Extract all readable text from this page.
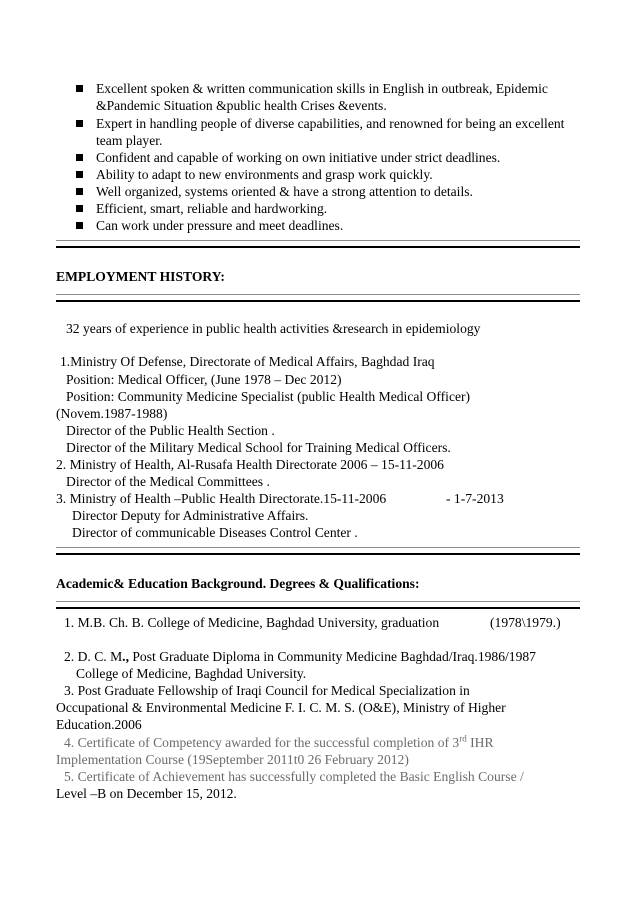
Excellent spoken & written communication skills in English in outbreak, Epidemic &Pandemic Situation &public health Crises &events.
Expert in handling people of diverse capabilities, and renowned for being an excellent team player.
Confident and capable of working on own initiative under strict deadlines.
Ability to adapt to new environments and grasp work quickly.
Well organized, systems oriented & have a strong attention to details.
Efficient, smart, reliable and hardworking.
Can work under pressure and meet deadlines.
EMPLOYMENT HISTORY:
32 years of experience in public health activities &research in epidemiology
1.Ministry Of Defense, Directorate of Medical Affairs, Baghdad Iraq
Position: Medical Officer, (June 1978 – Dec 2012)
Position: Community Medicine Specialist (public Health Medical Officer)
(Novem.1987-1988)
Director of the Public Health Section .
Director of the Military Medical School for Training Medical Officers.
2. Ministry of Health, Al-Rusafa Health Directorate 2006 – 15-11-2006
Director of the Medical Committees .
3. Ministry of Health –Public Health Directorate.15-11-2006	- 1-7-2013
Director Deputy for Administrative Affairs.
Director of communicable Diseases Control Center .
Academic& Education Background. Degrees & Qualifications:
1. M.B. Ch. B. College of Medicine, Baghdad University, graduation	(1978\1979.)
2. D. C. M., Post Graduate Diploma in Community Medicine Baghdad/Iraq.1986/1987
College of Medicine, Baghdad University.
3. Post Graduate Fellowship of Iraqi Council for Medical Specialization in
Occupational & Environmental Medicine F. I. C. M. S. (O&E), Ministry of Higher
Education.2006
4. Certificate of Competency awarded for the successful completion of 3rd IHR
Implementation Course (19September 2011t0 26 February 2012)
5. Certificate of Achievement has successfully completed the Basic English Course /
Level –B on December 15, 2012.
